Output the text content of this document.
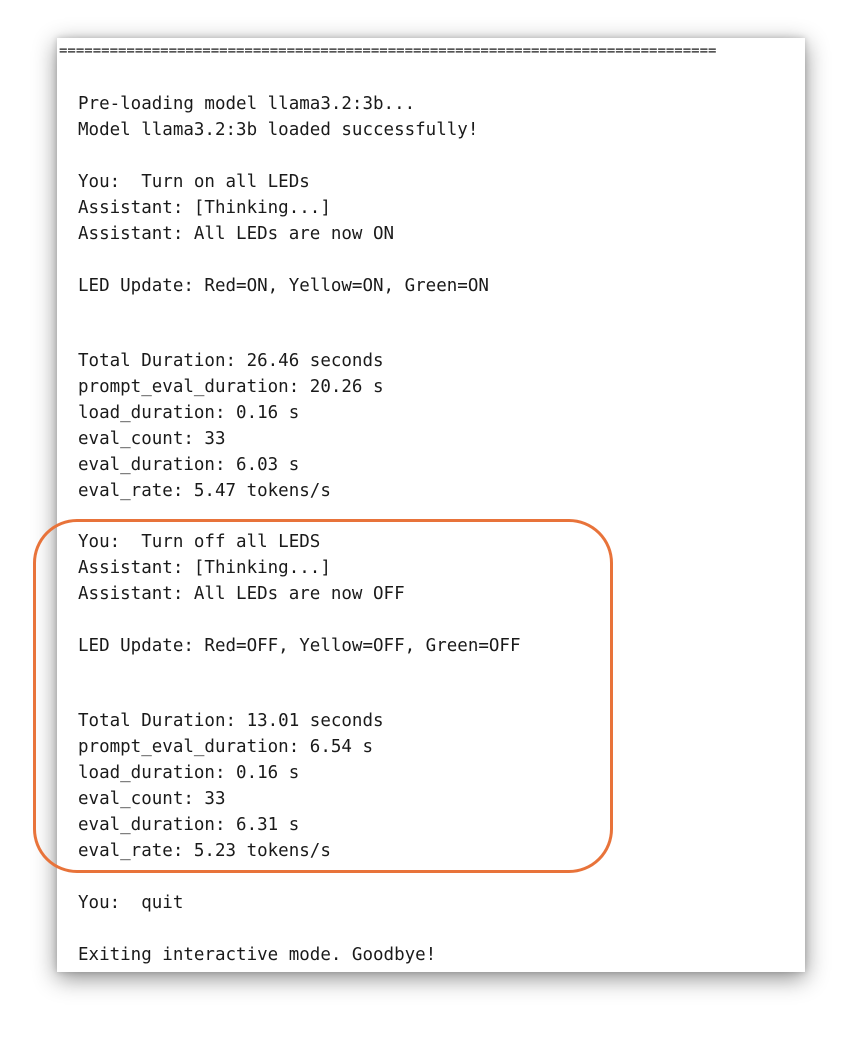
==============================================================================

Pre-loading model llama3.2:3b...

Model llama3.2:3b loaded successfully!

You:  Turn on all LEDs

Assistant: [Thinking...]

Assistant: All LEDs are now ON

LED Update: Red=ON, Yellow=ON, Green=ON

Total Duration: 26.46 seconds

prompt_eval_duration: 20.26 s

load_duration: 0.16 s

eval_count: 33

eval_duration: 6.03 s

eval_rate: 5.47 tokens/s

You:  Turn off all LEDS

Assistant: [Thinking...]

Assistant: All LEDs are now OFF

LED Update: Red=OFF, Yellow=OFF, Green=OFF

Total Duration: 13.01 seconds

prompt_eval_duration: 6.54 s

load_duration: 0.16 s

eval_count: 33

eval_duration: 6.31 s

eval_rate: 5.23 tokens/s

You:  quit

Exiting interactive mode. Goodbye!
